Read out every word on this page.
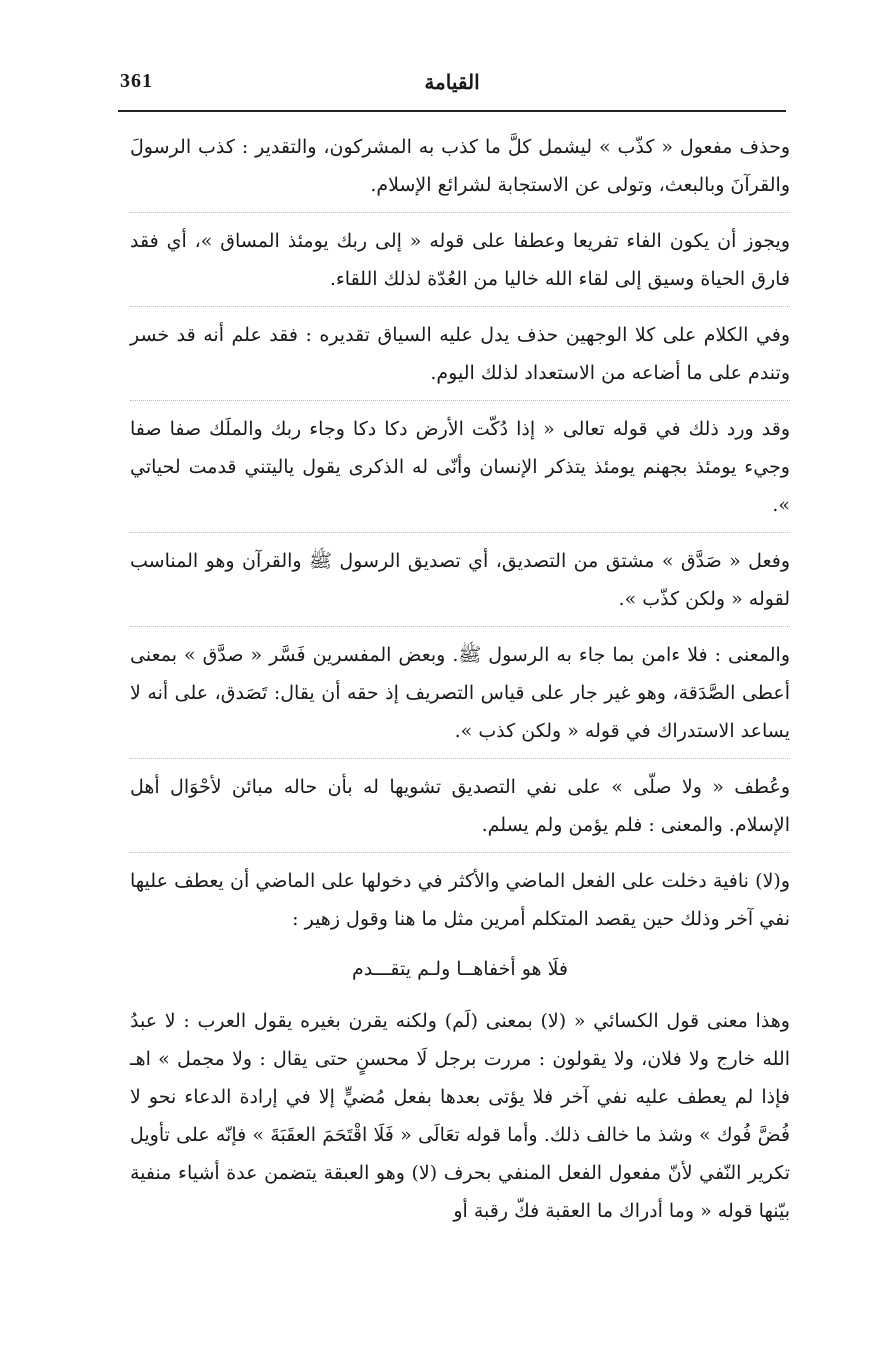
361	القيامة

وحذف مفعول « كذّب » ليشمل كلَّ ما كذب به المشركون، والتقدير : كذب الرسولَ والقرآنَ وبالبعث، وتولى عن الاستجابة لشرائع الإسلام.

ويجوز أن يكون الفاء تفريعا وعطفا على قوله « إلى ربك يومئذ المساق »، أي فقد فارق الحياة وسيق إلى لقاء الله خاليا من العُدّة لذلك اللقاء.

وفي الكلام على كلا الوجهين حذف يدل عليه السياق تقديره : فقد علم أنه قد خسر وتندم على ما أضاعه من الاستعداد لذلك اليوم.

وقد ورد ذلك في قوله تعالى « إذا دُكّت الأرض دكا دكا وجاء ربك والملَك صفا صفا وجيء يومئذ بجهنم يومئذ يتذكر الإنسان وأنّى له الذكرى يقول ياليتني قدمت لحياتي ».

وفعل « صَدَّق » مشتق من التصديق، أي تصديق الرسول ﷺ والقرآن وهو المناسب لقوله « ولكن كذّب ».

والمعنى : فلا ءامن بما جاء به الرسول ﷺ. وبعض المفسرين فَسَّر « صدَّق » بمعنى أعطى الصَّدَقة، وهو غير جار على قياس التصريف إذ حقه أن يقال: تَصَدق، على أنه لا يساعد الاستدراك في قوله « ولكن كذب ».

وعُطف « ولا صلّى » على نفي التصديق تشويها له بأن حاله مبائن لأحْوَال أهل الإسلام. والمعنى : فلم يؤمن ولم يسلم.

و(لا) نافية دخلت على الفعل الماضي والأكثر في دخولها على الماضي أن يعطف عليها نفي آخر وذلك حين يقصد المتكلم أمرين مثل ما هنا وقول زهير :

فلَا هو أخفاهــا ولـم يتقـــدم

وهذا معنى قول الكسائي « (لا) بمعنى (لَم) ولكنه يقرن بغيره يقول العرب : لا عبدُ الله خارج ولا فلان، ولا يقولون : مررت برجل لَا محسنٍ حتى يقال : ولا مجمل » اهـ فإذا لم يعطف عليه نفي آخر فلا يؤتى بعدها بفعل مُضيٍّ إلا في إرادة الدعاء نحو لا فُضَّ فُوك » وشذ ما خالف ذلك. وأما قوله تعَالَى « فَلَا اقْتَحَمَ العقَبَةَ » فإنّه على تأويل تكرير النّفي لأنّ مفعول الفعل المنفي بحرف (لا) وهو العبقة يتضمن عدة أشياء منفية بيّنها قوله « وما أدراك ما العقبة فكّ رقبة أو
